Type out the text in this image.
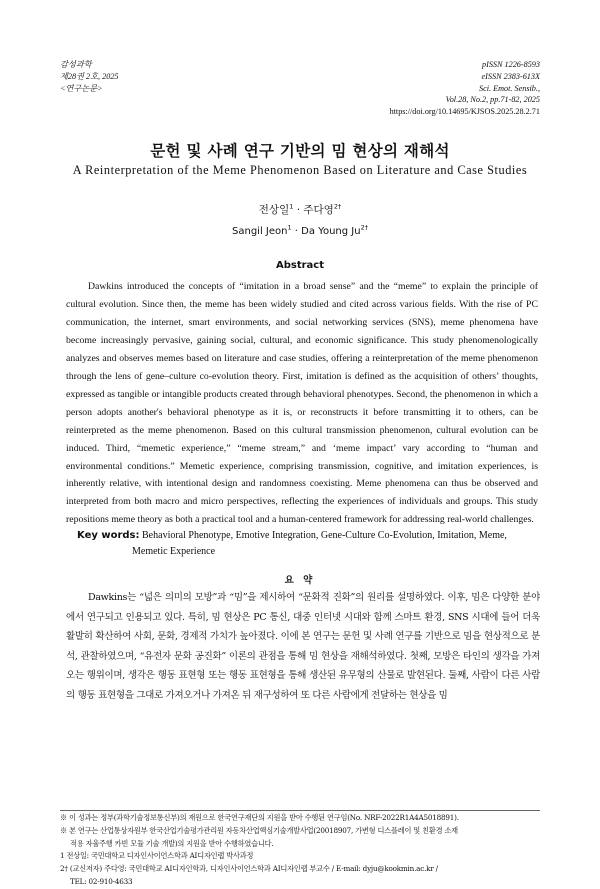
감성과학
제28권 2호, 2025
<연구논문>
pISSN 1226-8593
eISSN 2383-613X
Sci. Emot. Sensib.,
Vol.28, No.2, pp.71-82, 2025
https://doi.org/10.14695/KJSOS.2025.28.2.71
문헌 및 사례 연구 기반의 밈 현상의 재해석
A Reinterpretation of the Meme Phenomenon Based on Literature and Case Studies
전상일$^1$ · 주다영$^{2\dagger}$
Sangil Jeon$^1$ · Da Young $Ju^{2\dagger}$
Abstract

Dawkins introduced the concepts of “imitation in a broad sense” and the “meme” to explain the principle of cultural evolution. Since then, the meme has been widely studied and cited across various fields. With the rise of PC communication, the internet, smart environments, and social networking services (SNS), meme phenomena have become increasingly pervasive, gaining social, cultural, and economic significance. This study phenomenologically analyzes and observes memes based on literature and case studies, offering a reinterpretation of the meme phenomenon through the lens of gene–culture co-evolution theory. First, imitation is defined as the acquisition of others’ thoughts, expressed as tangible or intangible products created through behavioral phenotypes. Second, the phenomenon in which a person adopts another's behavioral phenotype as it is, or reconstructs it before transmitting it to others, can be reinterpreted as the meme phenomenon. Based on this cultural transmission phenomenon, cultural evolution can be induced. Third, “memetic experience,” “meme stream,” and ‘meme impact’ vary according to “human and environmental conditions.” Memetic experience, comprising transmission, cognitive, and imitation experiences, is inherently relative, with intentional design and randomness coexisting. Meme phenomena can thus be observed and interpreted from both macro and micro perspectives, reflecting the experiences of individuals and groups. This study repositions meme theory as both a practical tool and a human-centered framework for addressing real-world challenges.

Key words: Behavioral Phenotype, Emotive Integration, Gene-Culture Co-Evolution, Imitation, Meme,
Memetic Experience
요 약

Dawkins는 “넓은 의미의 모방”과 “밈”을 제시하여 “문화적 진화”의 원리를 설명하였다. 이후, 밈은 다양한 분야에서 연구되고 인용되고 있다. 특히, 밈 현상은 PC 통신, 대중 인터넷 시대와 함께 스마트 환경, SNS 시대에 들어 더욱 활발히 확산하여 사회, 문화, 경제적 가치가 높아졌다. 이에 본 연구는 문헌 및 사례 연구를 기반으로 밈을 현상적으로 분석, 관찰하였으며, “유전자 문화 공진화” 이론의 관점을 통해 밈 현상을 재해석하였다. 첫째, 모방은 타인의 생각을 가져오는 행위이며, 생각은 행동 표현형 또는 행동 표현형을 통해 생산된 유무형의 산물로 발현된다. 둘째, 사람이 다른 사람의 행동 표현형을 그대로 가져오거나 가져온 뒤 재구성하여 또 다른 사람에게 전달하는 현상을 밈

※ 이 성과는 정부(과학기술정보통신부)의 재원으로 한국연구재단의 지원을 받아 수행된 연구임(No. NRF-2022R1A4A5018891).
※ 본 연구는 산업통상자원부 한국산업기술평가관리원 자동차산업핵심기술개발사업(20018907, 가변형 디스플레이 및 친환경 소재
적용 자율주행 카빈 모듈 기술 개발)의 지원을 받아 수행하였습니다.
1 전상일: 국민대학교 디자인사이언스학과 AI디자인랩 박사과정
2† (교신저자) 주다영: 국민대학교 AI디자인학과, 디자인사이언스학과 AI디자인랩 부교수 / E-mail: dyju@kookmin.ac.kr /
TEL: 02-910-4633
